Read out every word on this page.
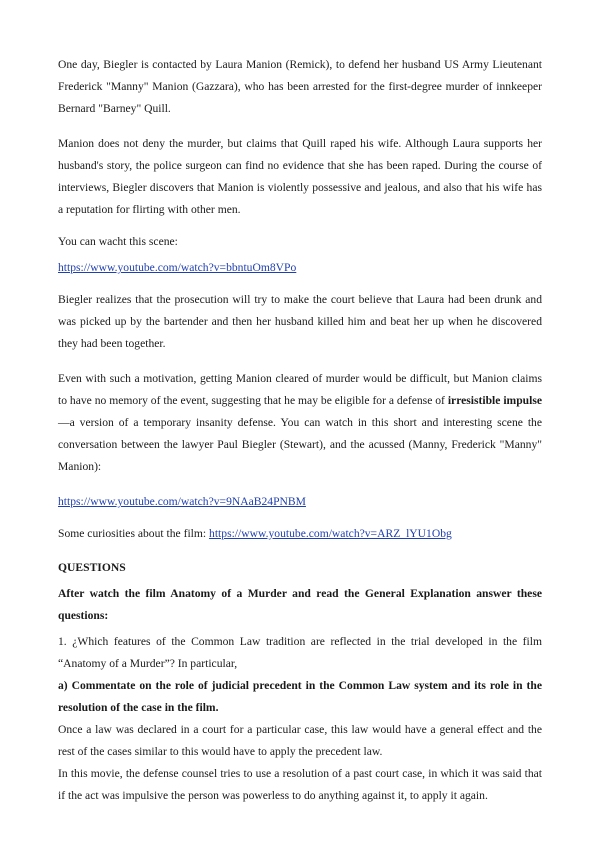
One day, Biegler is contacted by Laura Manion (Remick), to defend her husband US Army Lieutenant Frederick "Manny" Manion (Gazzara), who has been arrested for the first-degree murder of innkeeper Bernard "Barney" Quill.

Manion does not deny the murder, but claims that Quill raped his wife. Although Laura supports her husband's story, the police surgeon can find no evidence that she has been raped. During the course of interviews, Biegler discovers that Manion is violently possessive and jealous, and also that his wife has a reputation for flirting with other men.

You can wacht this scene:

https://www.youtube.com/watch?v=bbntuOm8VPo

Biegler realizes that the prosecution will try to make the court believe that Laura had been drunk and was picked up by the bartender and then her husband killed him and beat her up when he discovered they had been together.

Even with such a motivation, getting Manion cleared of murder would be difficult, but Manion claims to have no memory of the event, suggesting that he may be eligible for a defense of irresistible impulse—a version of a temporary insanity defense. You can watch in this short and interesting scene the conversation between the lawyer Paul Biegler (Stewart), and the acussed (Manny, Frederick "Manny" Manion):

https://www.youtube.com/watch?v=9NAaB24PNBM

Some curiosities about the film: https://www.youtube.com/watch?v=ARZ_lYU1Obg

QUESTIONS

After watch the film Anatomy of a Murder and read the General Explanation answer these questions:

1. ¿Which features of the Common Law tradition are reflected in the trial developed in the film “Anatomy of a Murder”? In particular,

a) Commentate on the role of judicial precedent in the Common Law system and its role in the resolution of the case in the film.

Once a law was declared in a court for a particular case, this law would have a general effect and the rest of the cases similar to this would have to apply the precedent law.

In this movie, the defense counsel tries to use a resolution of a past court case, in which it was said that if the act was impulsive the person was powerless to do anything against it, to apply it again.
